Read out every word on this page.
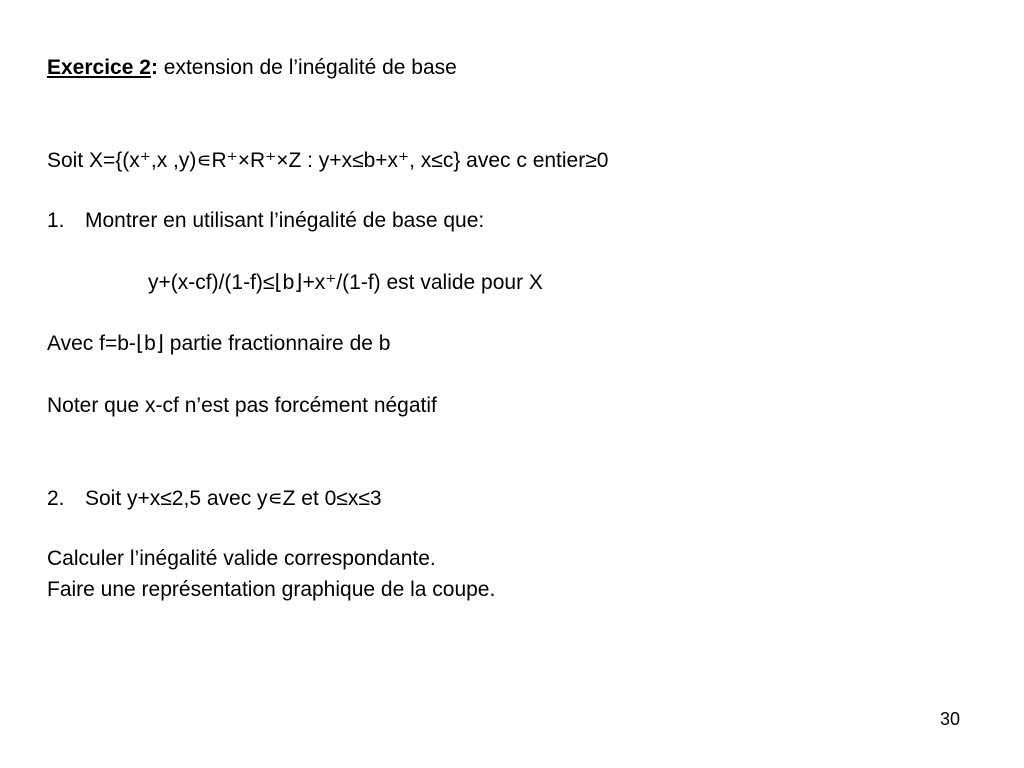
Exercice 2: extension de l’inégalité de base
Soit X={(x⁺,x ,y)∊R⁺×R⁺×Z : y+x≤b+x⁺, x≤c} avec c entier≥0
1. Montrer en utilisant l’inégalité de base que:
y+(x-cf)/(1-f)≤⌊b⌋+x⁺/(1-f) est valide pour X
Avec f=b-⌊b⌋ partie fractionnaire de b
Noter que x-cf n’est pas forcément négatif
2. Soit y+x≤2,5 avec y∊Z et 0≤x≤3
Calculer l’inégalité valide correspondante.
Faire une représentation graphique de la coupe.
30
